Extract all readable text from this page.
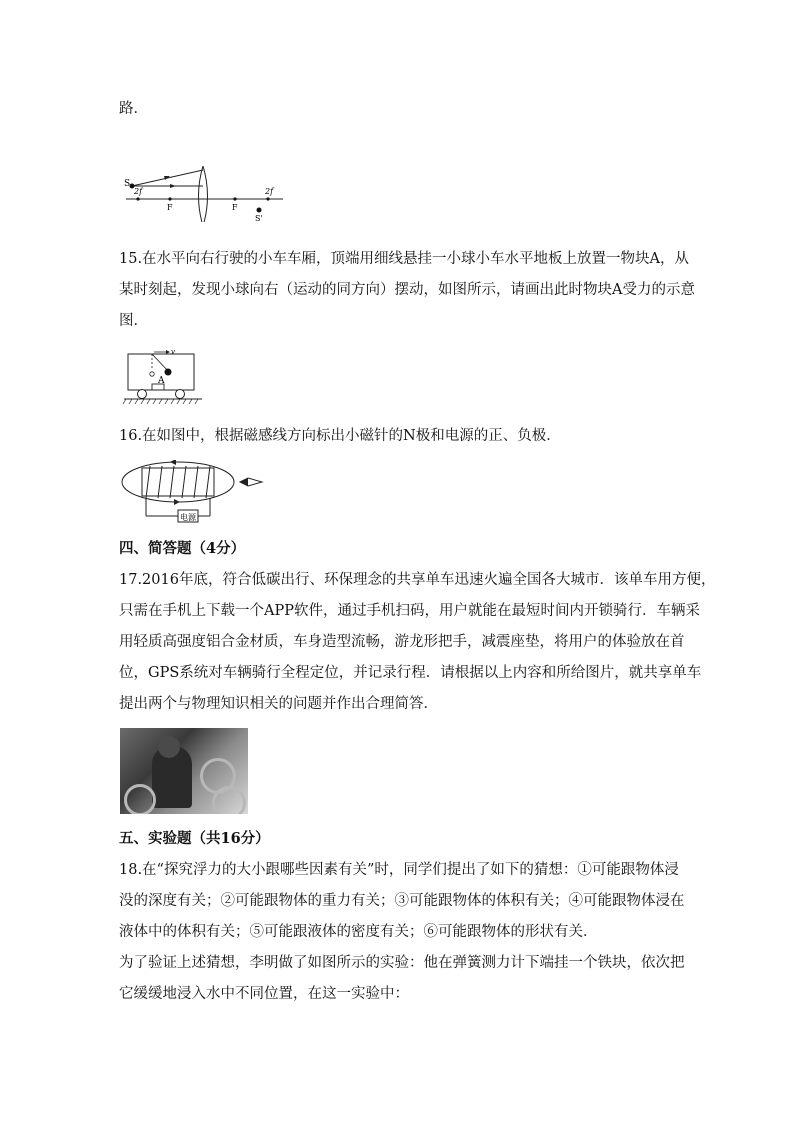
路．
S
2f
F	F
2f
S'
15.在水平向右行驶的小车车厢，顶端用细线悬挂一小球小车水平地板上放置一物块A，从
某时刻起，发现小球向右（运动的同方向）摆动，如图所示，请画出此时物块A受力的示意
图．
v
A
16.在如图中，根据磁感线方向标出小磁针的N极和电源的正、负极．
电源
四、简答题（4分）
17.2016年底，符合低碳出行、环保理念的共享单车迅速火遍全国各大城市．该单车用方便，
只需在手机上下载一个APP软件，通过手机扫码，用户就能在最短时间内开锁骑行．车辆采
用轻质高强度铝合金材质，车身造型流畅，游龙形把手，减震座垫，将用户的体验放在首
位，GPS系统对车辆骑行全程定位，并记录行程．请根据以上内容和所给图片，就共享单车
提出两个与物理知识相关的问题并作出合理简答．
五、实验题（共16分）
18.在“探究浮力的大小跟哪些因素有关”时，同学们提出了如下的猜想：①可能跟物体浸
没的深度有关；②可能跟物体的重力有关；③可能跟物体的体积有关；④可能跟物体浸在
液体中的体积有关；⑤可能跟液体的密度有关；⑥可能跟物体的形状有关．
为了验证上述猜想，李明做了如图所示的实验：他在弹簧测力计下端挂一个铁块，依次把
它缓缓地浸入水中不同位置，在这一实验中：
